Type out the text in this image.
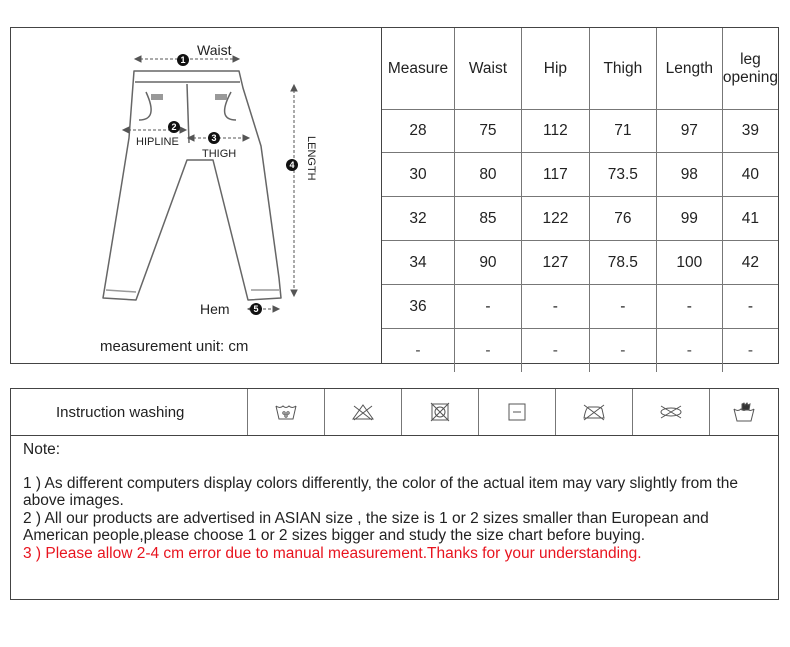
1
2
3
4
5
Waist
HIPLINE
THIGH
Hem
LENGTH
measurement unit: cm
Measure	Waist	Hip	Thigh	Length	leg
opening
28	75	112	71	97	39
30	80	117	73.5	98	40
32	85	122	76	99	41
34	90	127	78.5	100	42
36	-	-	-	-	-
-	-	-	-	-	-
Instruction washing

Note:

1 ) As different computers display colors differently, the color of the actual item may vary slightly from the above images.

2 ) All our products are advertised in ASIAN size , the size is 1 or 2 sizes smaller than European and American people,please choose 1 or 2 sizes bigger and study the size chart before buying.

3 ) Please allow 2-4 cm error due to manual measurement.Thanks for your understanding.
